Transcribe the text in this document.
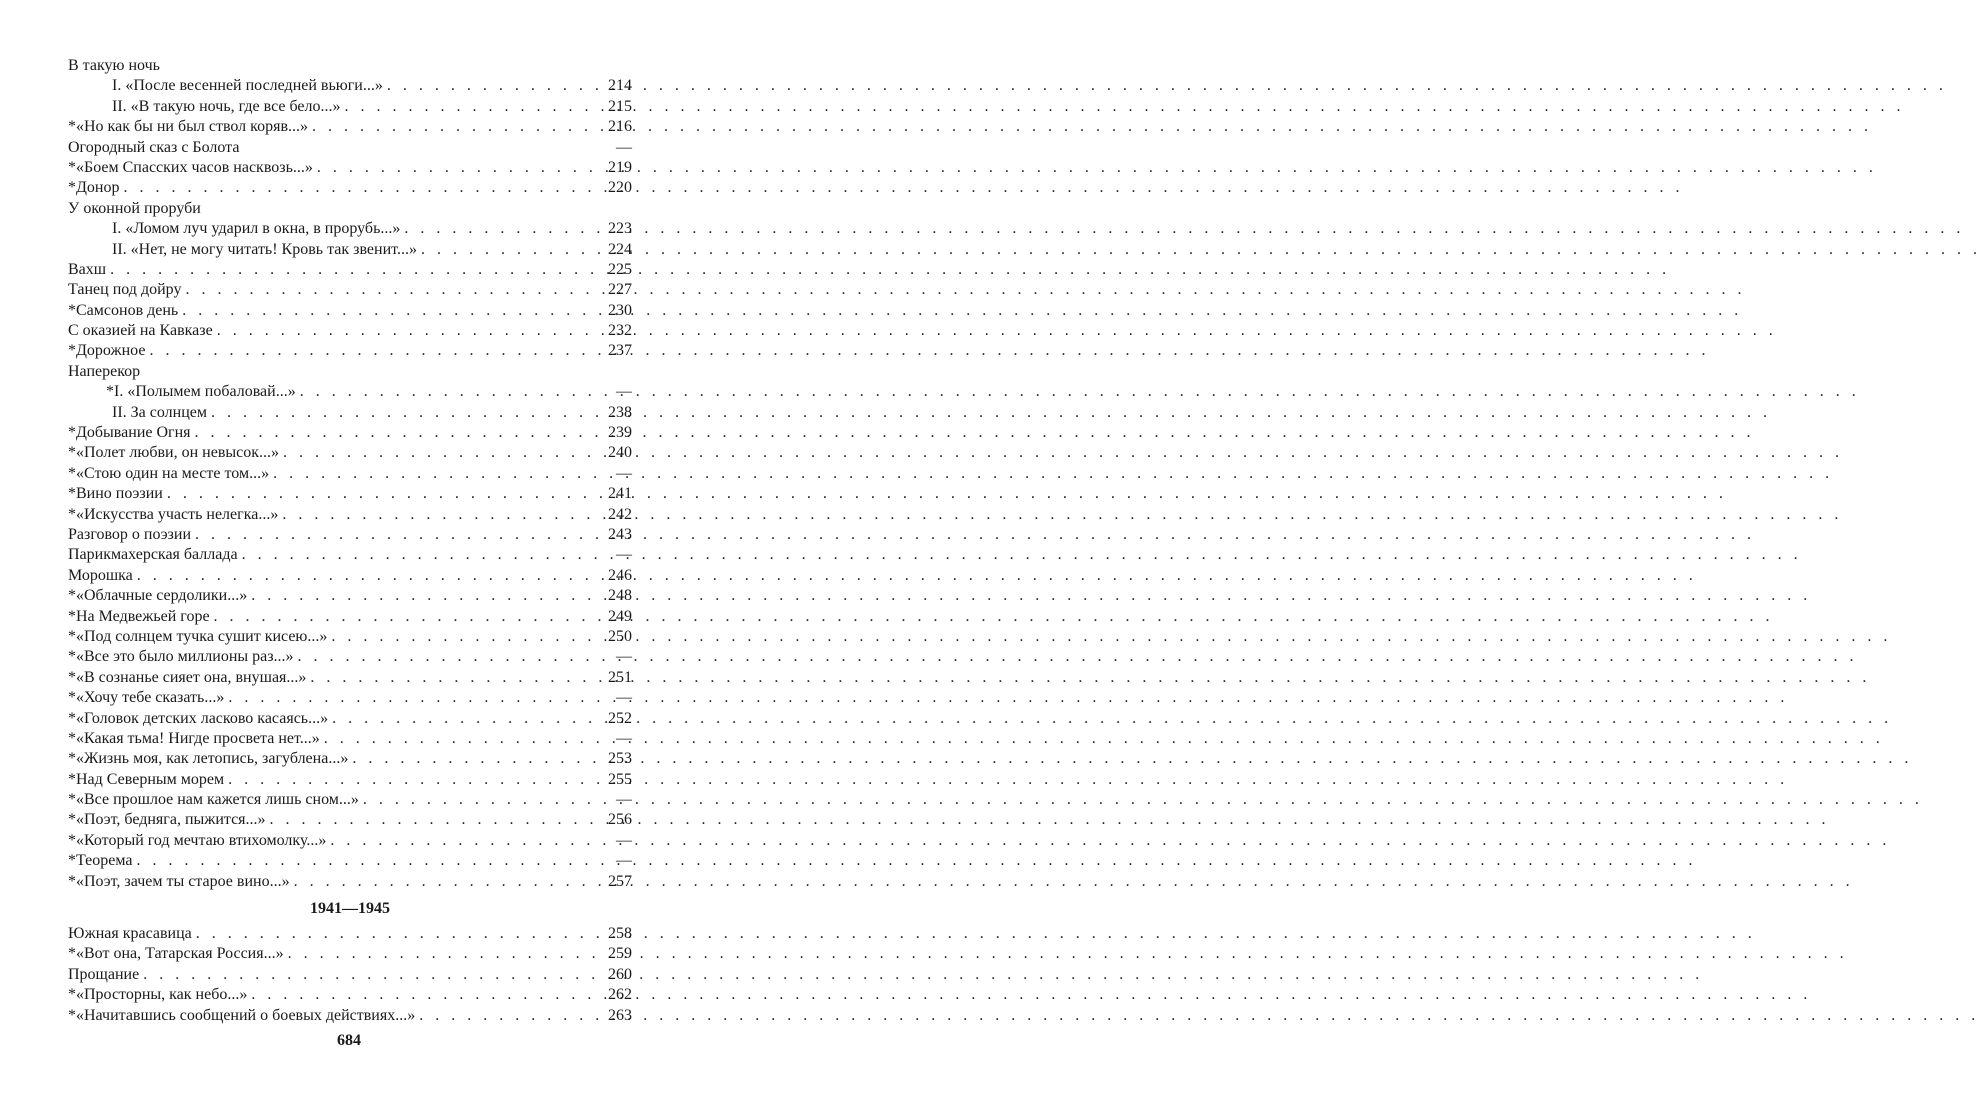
В такую ночь
I. «После весенней последней вьюги...» . . .	214
II. «В такую ночь, где все бело...» . . .	215
*«Но как бы ни был ствол коряв...» . . .	216
Огородный сказ с Болота	—
*«Боем Спасских часов насквозь...» . . .	219
*Донор . . .	220
У оконной проруби
I. «Ломом луч ударил в окна, в прорубь...» . . .	223
II. «Нет, не могу читать! Кровь так звенит...» . . .	224
Вахш . . .	225
Танец под дойру . . .	227
*Самсонов день . . .	230
С оказией на Кавказе . . .	232
*Дорожное . . .	237
Наперекор
*I. «Полымем побаловай...» . . .	—
II. За солнцем . . .	238
*Добывание Огня . . .	239
*«Полет любви, он невысок...» . . .	240
*«Стою один на месте том...» . . .	—
*Вино поэзии . . .	241
*«Искусства участь нелегка...» . . .	242
Разговор о поэзии . . .	243
Парикмахерская баллада . . .	—
Морошка . . .	246
*«Облачные сердолики...» . . .	248
*На Медвежьей горе . . .	249
*«Под солнцем тучка сушит кисею...» . . .	250
*«Все это было миллионы раз...» . . .	—
*«В сознанье сияет она, внушая...» . . .	251
*«Хочу тебе сказать...» . . .	—
*«Головок детских ласково касаясь...» . . .	252
*«Какая тьма! Нигде просвета нет...» . . .	—
*«Жизнь моя, как летопись, загублена...» . . .	253
*Над Северным морем . . .	255
*«Все прошлое нам кажется лишь сном...» . . .	—
*«Поэт, бедняга, пыжится...» . . .	256
*«Который год мечтаю втихомолку...» . . .	—
*Теорема . . .	—
*«Поэт, зачем ты старое вино...» . . .	257
1941—1945
Южная красавица . . .	258
*«Вот она, Татарская Россия...» . . .	259
Прощание . . .	260
*«Просторны, как небо...» . . .	262
*«Начитавшись сообщений о боевых действиях...» . . .	263
684
